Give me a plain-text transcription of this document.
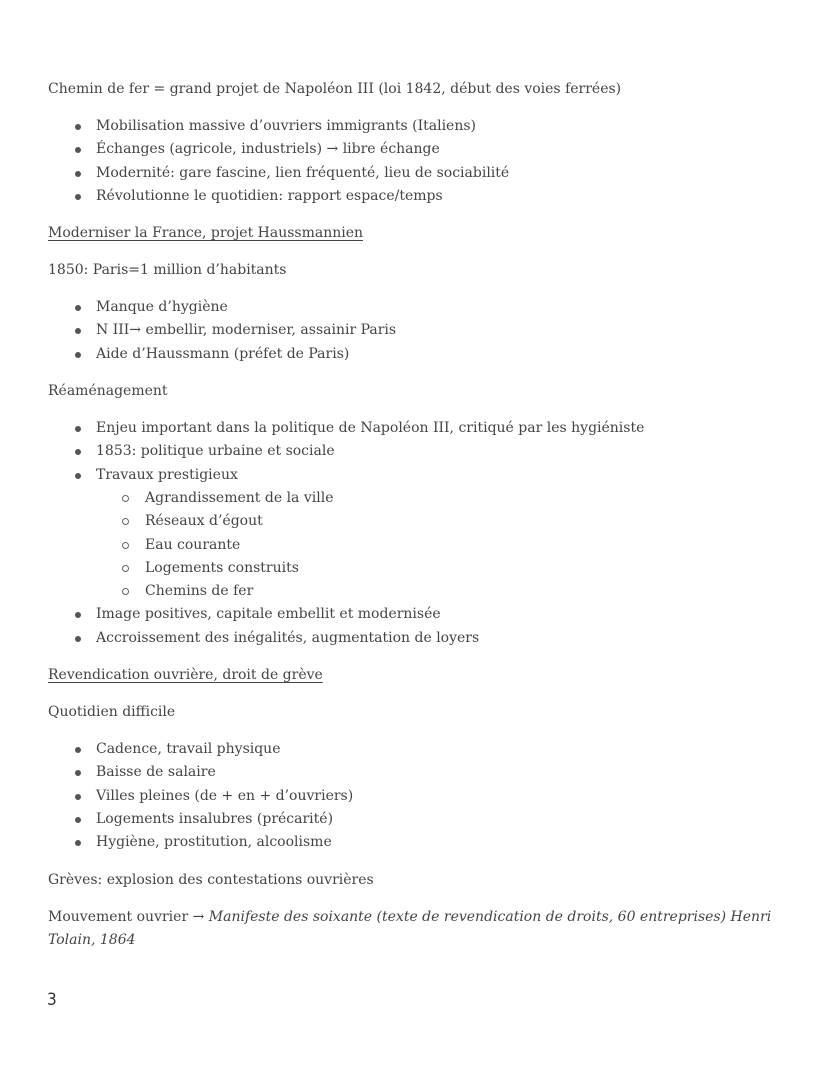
Chemin de fer = grand projet de Napoléon III (loi 1842, début des voies ferrées)

Mobilisation massive d’ouvriers immigrants (Italiens)
Échanges (agricole, industriels) → libre échange
Modernité: gare fascine, lien fréquenté, lieu de sociabilité
Révolutionne le quotidien: rapport espace/temps

Moderniser la France, projet Haussmannien

1850: Paris=1 million d’habitants

Manque d’hygiène
N III→ embellir, moderniser, assainir Paris
Aide d’Haussmann (préfet de Paris)

Réaménagement

Enjeu important dans la politique de Napoléon III, critiqué par les hygiéniste
1853: politique urbaine et sociale
Travaux prestigieux
Agrandissement de la ville
Réseaux d’égout
Eau courante
Logements construits
Chemins de fer
Image positives, capitale embellit et modernisée
Accroissement des inégalités, augmentation de loyers

Revendication ouvrière, droit de grève

Quotidien difficile

Cadence, travail physique
Baisse de salaire
Villes pleines (de + en + d’ouvriers)
Logements insalubres (précarité)
Hygiène, prostitution, alcoolisme

Grèves: explosion des contestations ouvrières

Mouvement ouvrier → Manifeste des soixante (texte de revendication de droits, 60 entreprises) Henri Tolain, 1864

3
